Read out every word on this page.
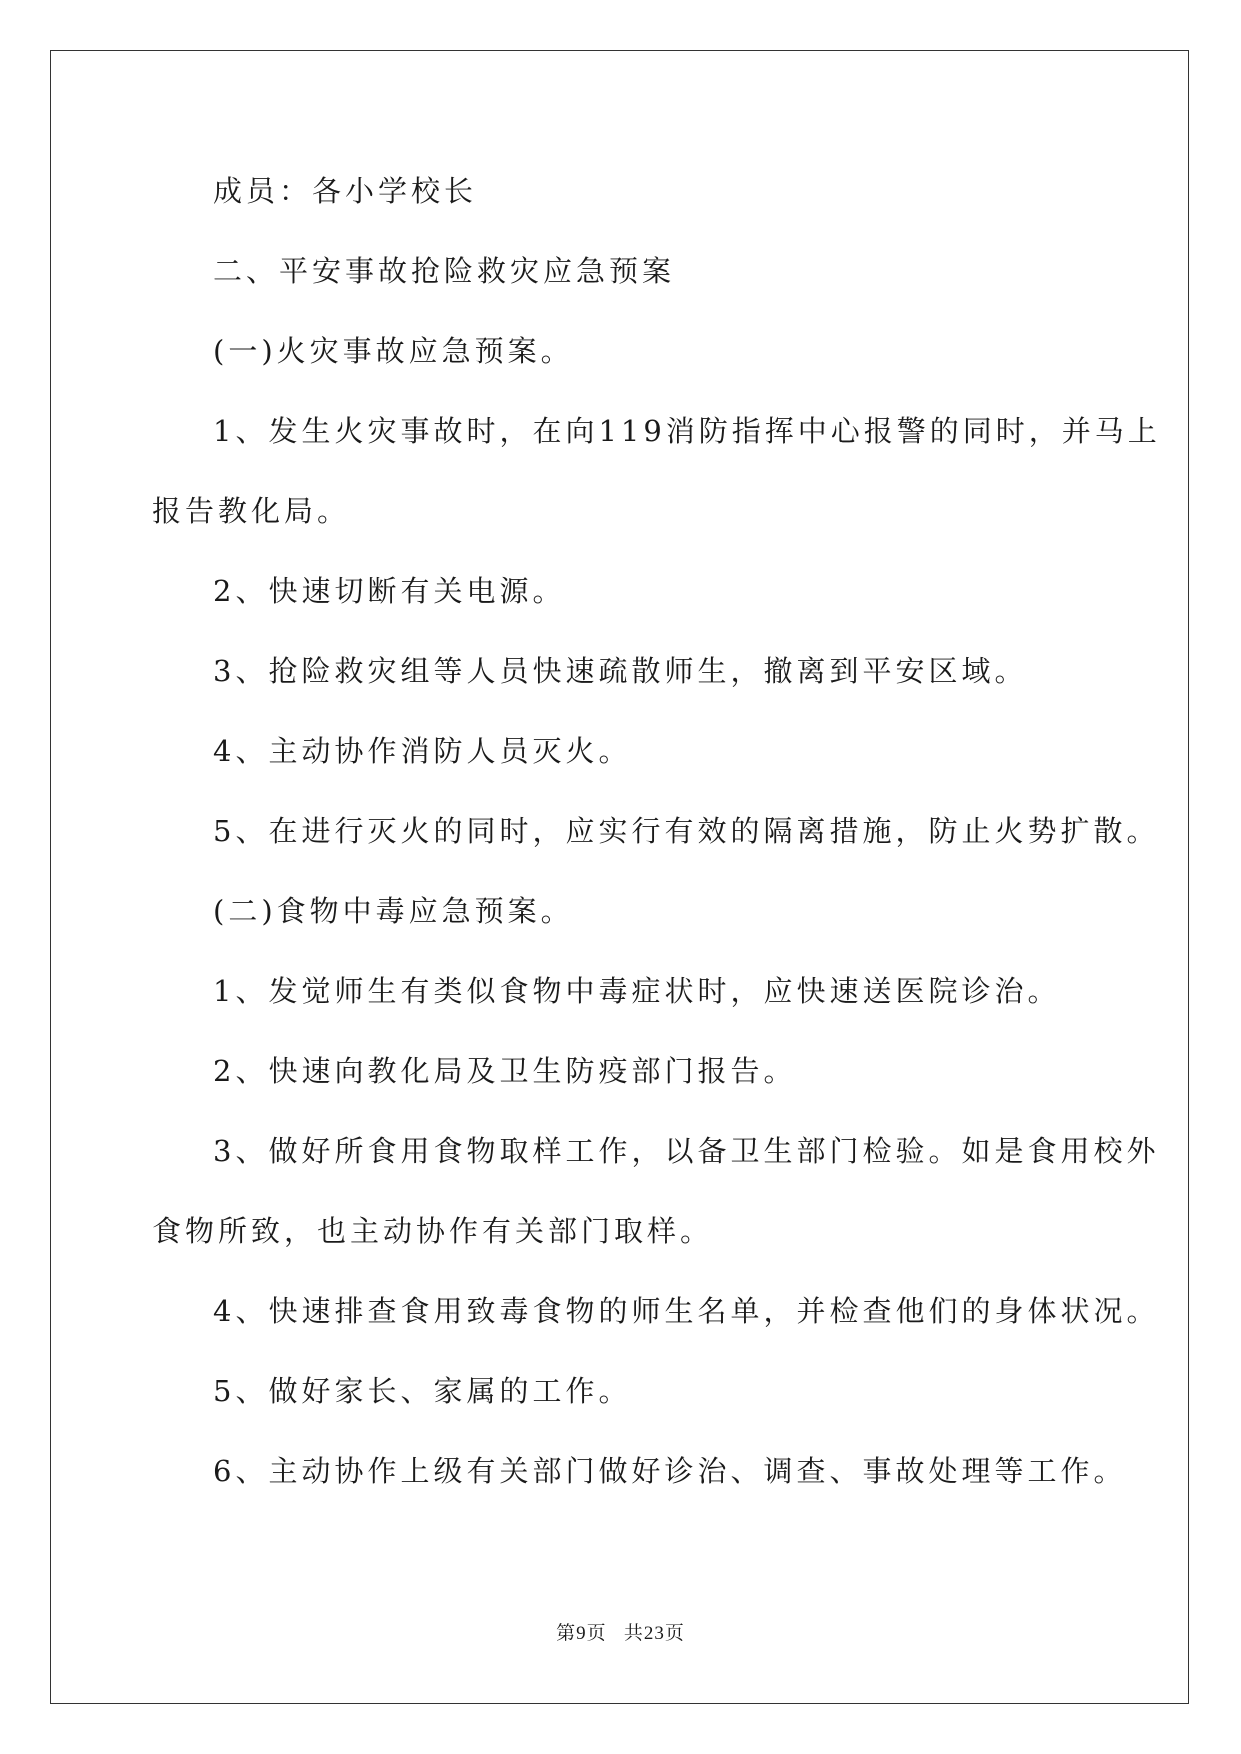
成员：各小学校长
二、平安事故抢险救灾应急预案
(一)火灾事故应急预案。
1、发生火灾事故时，在向119消防指挥中心报警的同时，并马上
报告教化局。
2、快速切断有关电源。
3、抢险救灾组等人员快速疏散师生，撤离到平安区域。
4、主动协作消防人员灭火。
5、在进行灭火的同时，应实行有效的隔离措施，防止火势扩散。
(二)食物中毒应急预案。
1、发觉师生有类似食物中毒症状时，应快速送医院诊治。
2、快速向教化局及卫生防疫部门报告。
3、做好所食用食物取样工作，以备卫生部门检验。如是食用校外
食物所致，也主动协作有关部门取样。
4、快速排查食用致毒食物的师生名单，并检查他们的身体状况。
5、做好家长、家属的工作。
6、主动协作上级有关部门做好诊治、调查、事故处理等工作。
第9页 共23页
